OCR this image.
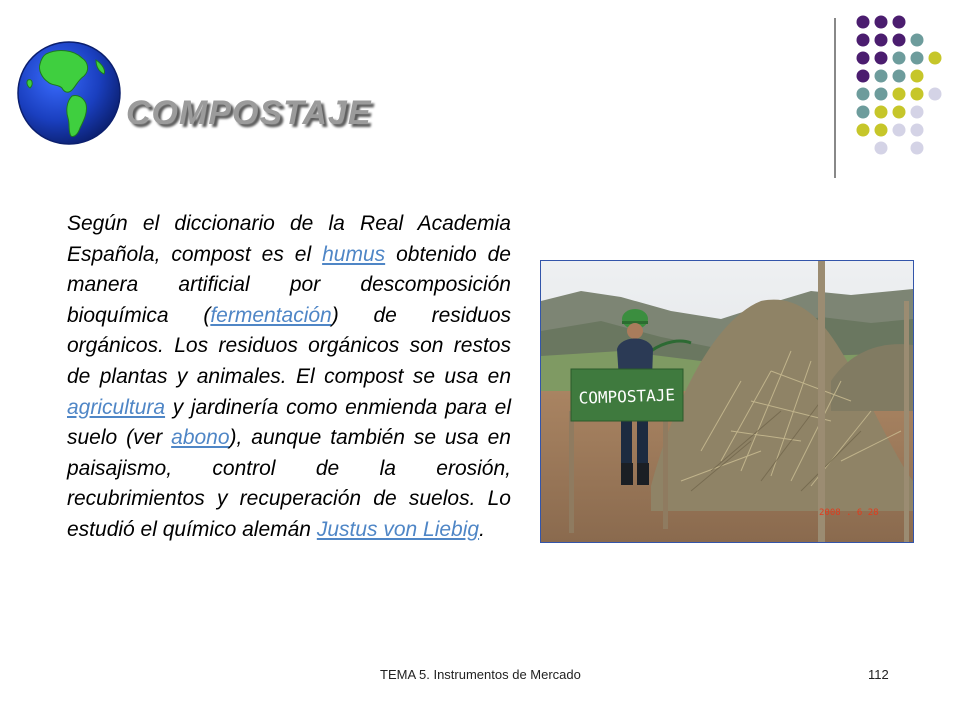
COMPOSTAJE

Según el diccionario de la Real Academia Española, compost es el humus obtenido de manera artificial por descomposición bioquímica (fermentación) de residuos orgánicos. Los residuos orgánicos son restos de plantas y animales. El compost se usa en agricultura y jardinería como enmienda para el suelo (ver abono), aunque también se usa en paisajismo, control de la erosión, recubrimientos y recuperación de suelos. Lo estudió el químico alemán Justus von Liebig.

COMPOSTAJE
2008 . 6 28

TEMA 5. Instrumentos de Mercado	112
